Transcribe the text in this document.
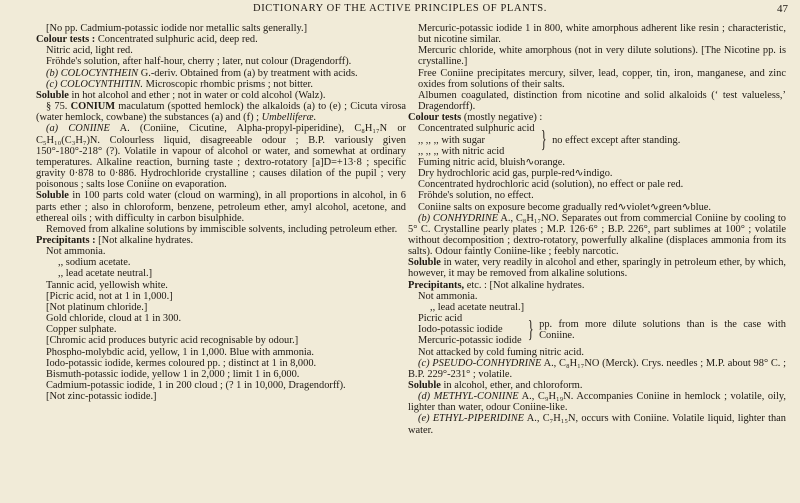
DICTIONARY OF THE ACTIVE PRINCIPLES OF PLANTS.	47

[No pp. Cadmium-potassic iodide nor metallic salts generally.]

Colour tests : Concentrated sulphuric acid, deep red.

Nitric acid, light red.

Fröhde's solution, after half-hour, cherry ; later, nut colour (Dragendorff).

(b) COLOCYNTHEIN G.-deriv. Obtained from (a) by treatment with acids.

(c) COLOCYNTHITIN. Microscopic rhombic prisms ; not bitter.

Soluble in hot alcohol and ether ; not in water or cold alcohol (Walz).

§ 75. CONIUM maculatum (spotted hemlock) the alkaloids (a) to (e) ; Cicuta virosa (water hemlock, cowbane) the substances (a) and (f) ; Umbelliferæ.

(a) CONIINE A. (Coniine, Cicutine, Alpha-propyl-piperidine), C₈H₁₇N or C₅H₁₀(C₃H₇)N. Colourless liquid, disagreeable odour ; B.P. variously given 150°-180°-218° (?). Volatile in vapour of alcohol or water, and somewhat at ordinary temperatures. Alkaline reaction, burning taste ; dextro-rotatory [a]D=+13·8 ; specific gravity 0·878 to 0·886. Hydrochloride crystalline ; causes dilation of the pupil ; very poisonous ; salts lose Coniine on evaporation.

Soluble in 100 parts cold water (cloud on warming), in all proportions in alcohol, in 6 parts ether ; also in chloroform, benzene, petroleum ether, amyl alcohol, acetone, and ethereal oils ; with difficulty in carbon bisulphide.

Removed from alkaline solutions by immiscible solvents, including petroleum ether.

Precipitants : [Not alkaline hydrates.

Not ammonia.

,, sodium acetate.

,, lead acetate neutral.]

Tannic acid, yellowish white.

[Picric acid, not at 1 in 1,000.]

[Not platinum chloride.]

Gold chloride, cloud at 1 in 300.

Copper sulphate.

[Chromic acid produces butyric acid recognisable by odour.]

Phospho-molybdic acid, yellow, 1 in 1,000. Blue with ammonia.

Iodo-potassic iodide, kermes coloured pp. ; distinct at 1 in 8,000.

Bismuth-potassic iodide, yellow 1 in 2,000 ; limit 1 in 6,000.

Cadmium-potassic iodide, 1 in 200 cloud ; (? 1 in 10,000, Dragendorff).

[Not zinc-potassic iodide.]

Mercuric-potassic iodide 1 in 800, white amorphous adherent like resin ; characteristic, but nicotine similar.

Mercuric chloride, white amorphous (not in very dilute solutions). [The Nicotine pp. is crystalline.]

Free Coniine precipitates mercury, silver, lead, copper, tin, iron, manganese, and zinc oxides from solutions of their salts.

Albumen coagulated, distinction from nicotine and solid alkaloids (‘ test valueless,’ Dragendorff).

Colour tests (mostly negative) :

Concentrated sulphuric acid
,, ,, ,, with sugar
,, ,, ,, with nitric acid	} no effect except after standing.

Fuming nitric acid, bluish∿orange.

Dry hydrochloric acid gas, purple-red∿indigo.

Concentrated hydrochloric acid (solution), no effect or pale red.

Fröhde's solution, no effect.

Coniine salts on exposure become gradually red∿violet∿green∿blue.

(b) CONHYDRINE A., C₈H₁₇NO. Separates out from commercial Coniine by cooling to 5° C. Crystalline pearly plates ; M.P. 126·6° ; B.P. 226°, part sublimes at 100° ; volatile without decomposition ; dextro-rotatory, powerfully alkaline (displaces ammonia from its salts). Odour faintly Coniine-like ; feebly narcotic.

Soluble in water, very readily in alcohol and ether, sparingly in petroleum ether, by which, however, it may be removed from alkaline solutions.

Precipitants, etc. : [Not alkaline hydrates.

Not ammonia.

,, lead acetate neutral.]

Picric acid
Iodo-potassic iodide
Mercuric-potassic iodide } pp. from more dilute solutions than is the case with Coniine.

Not attacked by cold fuming nitric acid.

(c) PSEUDO-CONHYDRINE A., C₈H₁₇NO (Merck). Crys. needles ; M.P. about 98° C. ; B.P. 229°-231° ; volatile.

Soluble in alcohol, ether, and chloroform.

(d) METHYL-CONIINE A., C₉H₁₉N. Accompanies Coniine in hemlock ; volatile, oily, lighter than water, odour Coniine-like.

(e) ETHYL-PIPERIDINE A., C₇H₁₅N, occurs with Coniine. Volatile liquid, lighter than water.
